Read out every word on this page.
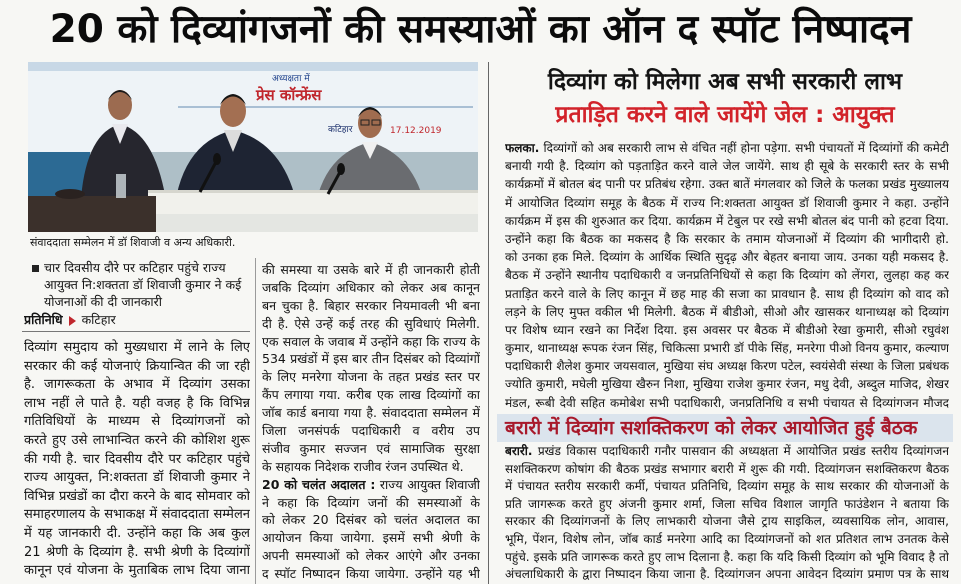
20 को दिव्यांगजनों की समस्याओं का ऑन द स्पॉट निष्पादन
अध्यक्षता में
प्रेस कॉन्फ्रेंस
कटिहार	17.12.2019
संवाददाता सम्मेलन में डॉ शिवाजी व अन्य अधिकारी.
चार दिवसीय दौरे पर कटिहार पहुंचे राज्य
आयुक्त नि:शक्तता डॉ शिवाजी कुमार ने कई
योजनाओं की दी जानकारी
प्रतिनिधि कटिहार
दिव्यांग समुदाय को मुख्यधारा में लाने के लिए
सरकार की कई योजनाएं क्रियान्वित की जा रही
है. जागरूकता के अभाव में दिव्यांग उसका
लाभ नहीं ले पाते है. यही वजह है कि विभिन्न
गतिविधियों के माध्यम से दिव्यांगजनों को
करते हुए उसे लाभान्वित करने की कोशिश शुरू
की गयी है. चार दिवसीय दौरे पर कटिहार पहुंचे
राज्य आयुक्त, नि:शक्तता डॉ शिवाजी कुमार ने
विभिन्न प्रखंडों का दौरा करने के बाद सोमवार को
समाहरणालय के सभाकक्ष में संवाददाता सम्मेलन
में यह जानकारी दी. उन्होंने कहा कि अब कुल
21 श्रेणी के दिव्यांग है. सभी श्रेणी के दिव्यांगों
कानून एवं योजना के मुताबिक लाभ दिया जाना
की समस्या या उसके बारे में ही जानकारी होती
जबकि दिव्यांग अधिकार को लेकर अब कानून
बन चुका है. बिहार सरकार नियमावली भी बना
दी है. ऐसे उन्हें कई तरह की सुविधाएं मिलेगी.
एक सवाल के जवाब में उन्होंने कहा कि राज्य के
534 प्रखंडों में इस बार तीन दिसंबर को दिव्यांगों
के लिए मनरेगा योजना के तहत प्रखंड स्तर पर
कैंप लगाया गया. करीब एक लाख दिव्यांगों का
जॉब कार्ड बनाया गया है. संवाददाता सम्मेलन में
जिला जनसंपर्क पदाधिकारी व वरीय उप
संजीव कुमार सज्जन एवं सामाजिक सुरक्षा
के सहायक निदेशक राजीव रंजन उपस्थित थे.
20 को चलंत अदालत : राज्य आयुक्त शिवाजी
ने कहा कि दिव्यांग जनों की समस्याओं के
को लेकर 20 दिसंबर को चलंत अदालत का
आयोजन किया जायेगा. इसमें सभी श्रेणी के
अपनी समस्याओं को लेकर आएंगे और उनका
द स्पॉट निष्पादन किया जायेगा. उन्होंने यह भी
दिव्यांग को मिलेगा अब सभी सरकारी लाभ
प्रताड़ित करने वाले जायेंगे जेल : आयुक्त
फलका. दिव्यांगों को अब सरकारी लाभ से वंचित नहीं होना पड़ेगा. सभी पंचायतों में दिव्यांगों की कमेटी
बनायी गयी है. दिव्यांग को पड़ताड़ित करने वाले जेल जायेंगे. साथ ही सूबे के सरकारी स्तर के सभी
कार्यक्रमों में बोतल बंद पानी पर प्रतिबंध रहेगा. उक्त बातें मंगलवार को जिले के फलका प्रखंड मुख्यालय
में आयोजित दिव्यांग समूह के बैठक में राज्य नि:शक्तता आयुक्त डॉ शिवाजी कुमार ने कहा. उन्होंने
कार्यक्रम में इस की शुरुआत कर दिया. कार्यक्रम में टेबुल पर रखे सभी बोतल बंद पानी को हटवा दिया.
उन्होंने कहा कि बैठक का मकसद है कि सरकार के तमाम योजनाओं में दिव्यांग की भागीदारी हो.
को उनका हक मिले. दिव्यांग के आर्थिक स्थिति सुदृढ़ और बेहतर बनाया जाय. उनका यही मकसद है.
बैठक में उन्होंने स्थानीय पदाधिकारी व जनप्रतिनिधियों से कहा कि दिव्यांग को लेंगरा, लुलहा कह कर
प्रताड़ित करने वाले के लिए कानून में छह माह की सजा का प्रावधान है. साथ ही दिव्यांग को वाद को
लड़ने के लिए मुफ्त वकील भी मिलेगी. बैठक में बीडीओ, सीओ और खासकर थानाध्यक्ष को दिव्यांग
पर विशेष ध्यान रखने का निर्देश दिया. इस अवसर पर बैठक में बीडीओ रेखा कुमारी, सीओ रघुवंश
कुमार, थानाध्यक्ष रूपक रंजन सिंह, चिकित्सा प्रभारी डॉ पीके सिंह, मनरेगा पीओ विनय कुमार, कल्याण
पदाधिकारी शैलेश कुमार जयसवाल, मुखिया संघ अध्यक्ष किरण पटेल, स्वयंसेवी संस्था के जिला प्रबंधक
ज्योति कुमारी, मघेली मुखिया खैरुन निशा, मुखिया राजेश कुमार रंजन, मधु देवी, अब्दुल माजिद, शेखर
मंडल, रूबी देवी सहित कमोबेश सभी पदाधिकारी, जनप्रतिनिधि व सभी पंचायत से दिव्यांगजन मौजद
बरारी में दिव्यांग सशक्तिकरण को लेकर आयोजित हुई बैठक
बरारी. प्रखंड विकास पदाधिकारी गनौर पासवान की अध्यक्षता में आयोजित प्रखंड स्तरीय दिव्यांगजन
सशक्तिकरण कोषांग की बैठक प्रखंड सभागार बरारी में शुरू की गयी. दिव्यांगजन सशक्तिकरण बैठक
में पंचायत स्तरीय सरकारी कर्मी, पंचायत प्रतिनिधि, दिव्यांग समूह के साथ सरकार की योजनाओं के
प्रति जागरूक करते हुए अंजनी कुमार शर्मा, जिला सचिव विशाल जागृति फाउंडेशन ने बताया कि
सरकार की दिव्यांगजनों के लिए लाभकारी योजना जैसे ट्राय साइकिल, व्यवसायिक लोन, आवास,
भूमि, पेंशन, विशेष लोन, जॉब कार्ड मनरेगा आदि का दिव्यांगजनों को शत प्रतिशत लाभ उनतक केसे
पहुंचे. इसके प्रति जागरूक करते हुए लाभ दिलाना है. कहा कि यदि किसी दिव्यांग को भूमि विवाद है तो
अंचलाधिकारी के द्वारा निष्पादन किया जाना है. दिव्यांगजन अपना आवेदन दिव्यांग प्रमाण पत्र के साथ
